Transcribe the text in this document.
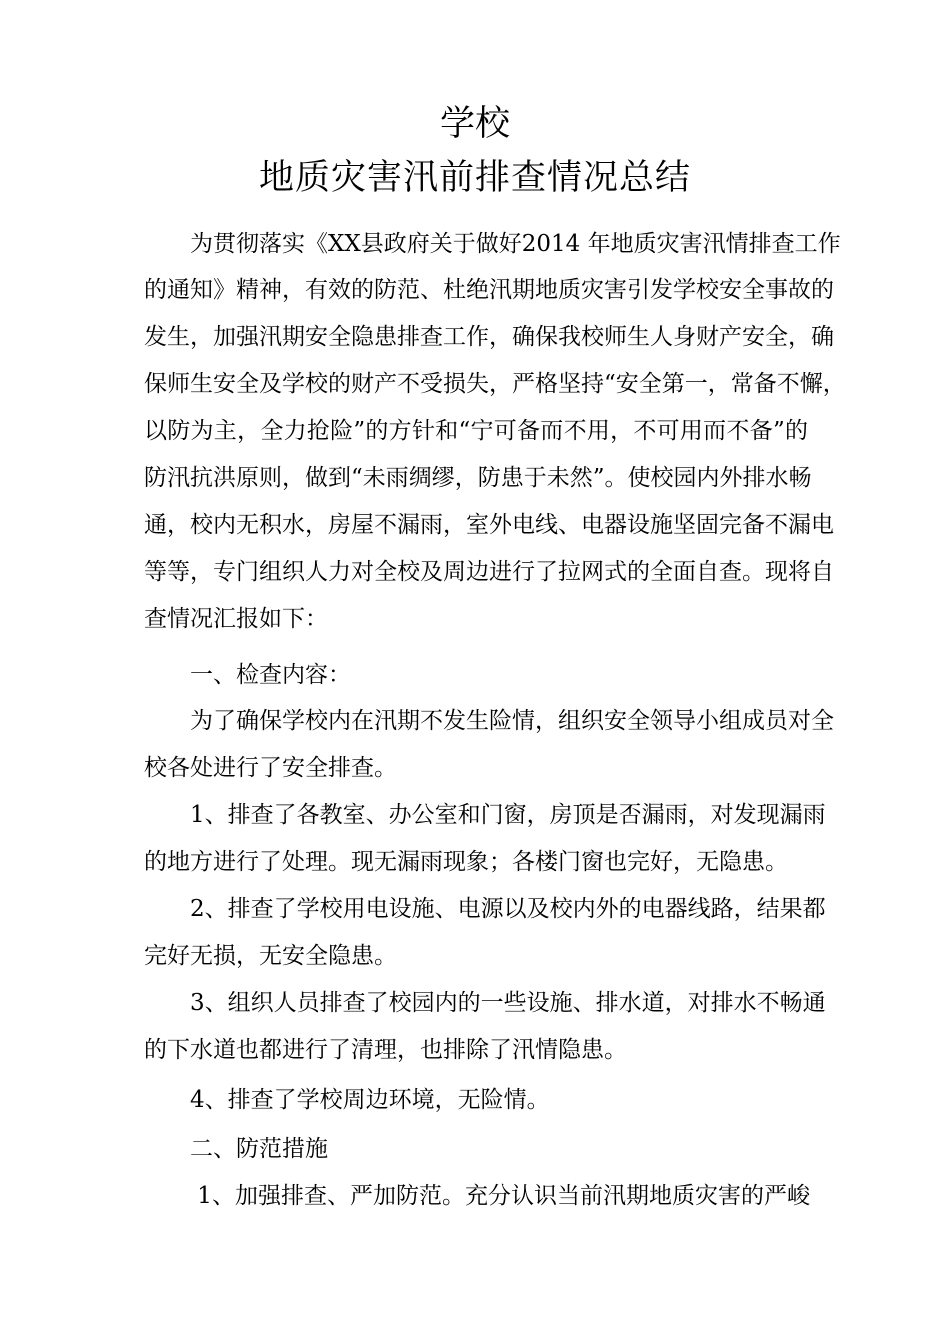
学校
地质灾害汛前排查情况总结
　　为贯彻落实《XX县政府关于做好2014 年地质灾害汛情排查工作
的通知》精神，有效的防范、杜绝汛期地质灾害引发学校安全事故的
发生，加强汛期安全隐患排查工作，确保我校师生人身财产安全，确
保师生安全及学校的财产不受损失，严格坚持“安全第一，常备不懈，
以防为主，全力抢险”的方针和“宁可备而不用，不可用而不备”的
防汛抗洪原则，做到“未雨绸缪，防患于未然”。使校园内外排水畅
通，校内无积水，房屋不漏雨，室外电线、电器设施坚固完备不漏电
等等，专门组织人力对全校及周边进行了拉网式的全面自查。现将自
查情况汇报如下：
　　一、检查内容：
　　为了确保学校内在汛期不发生险情，组织安全领导小组成员对全
校各处进行了安全排查。
　　1、排查了各教室、办公室和门窗，房顶是否漏雨，对发现漏雨
的地方进行了处理。现无漏雨现象；各楼门窗也完好，无隐患。
　　2、排查了学校用电设施、电源以及校内外的电器线路，结果都
完好无损，无安全隐患。
　　3、组织人员排查了校园内的一些设施、排水道，对排水不畅通
的下水道也都进行了清理，也排除了汛情隐患。
　　4、排查了学校周边环境，无险情。
　　二、防范措施
　　 1、加强排查、严加防范。充分认识当前汛期地质灾害的严峻
